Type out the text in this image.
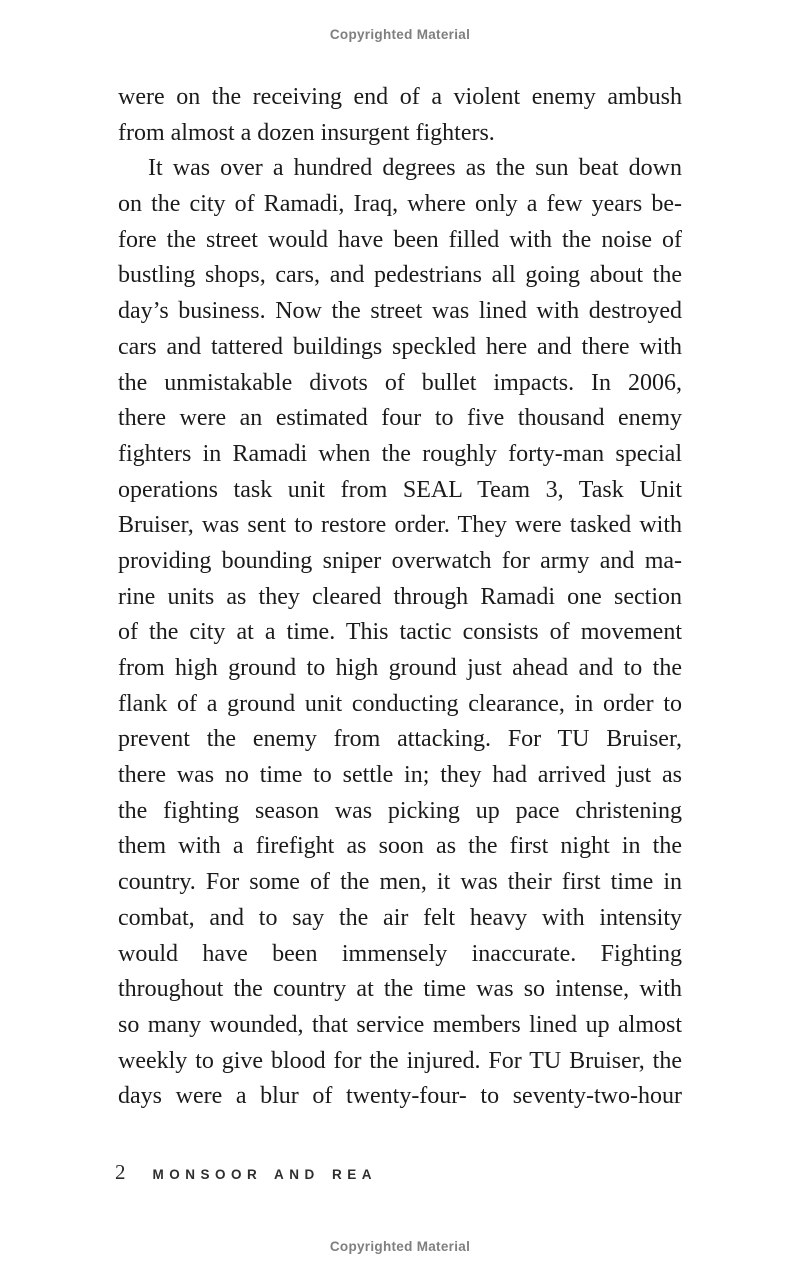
Copyrighted Material
were on the receiving end of a violent enemy ambush
from almost a dozen insurgent fighters.
It was over a hundred degrees as the sun beat down
on the city of Ramadi, Iraq, where only a few years be-
fore the street would have been filled with the noise of
bustling shops, cars, and pedestrians all going about the
day’s business. Now the street was lined with destroyed
cars and tattered buildings speckled here and there with
the unmistakable divots of bullet impacts. In 2006,
there were an estimated four to five thousand enemy
fighters in Ramadi when the roughly forty-man special
operations task unit from SEAL Team 3, Task Unit
Bruiser, was sent to restore order. They were tasked with
providing bounding sniper overwatch for army and ma-
rine units as they cleared through Ramadi one section
of the city at a time. This tactic consists of movement
from high ground to high ground just ahead and to the
flank of a ground unit conducting clearance, in order to
prevent the enemy from attacking. For TU Bruiser,
there was no time to settle in; they had arrived just as
the fighting season was picking up pace christening
them with a firefight as soon as the first night in the
country. For some of the men, it was their first time in
combat, and to say the air felt heavy with intensity
would have been immensely inaccurate. Fighting
throughout the country at the time was so intense, with
so many wounded, that service members lined up almost
weekly to give blood for the injured. For TU Bruiser, the
days were a blur of twenty-four- to seventy-two-hour
2 MONSOOR AND REA
Copyrighted Material
